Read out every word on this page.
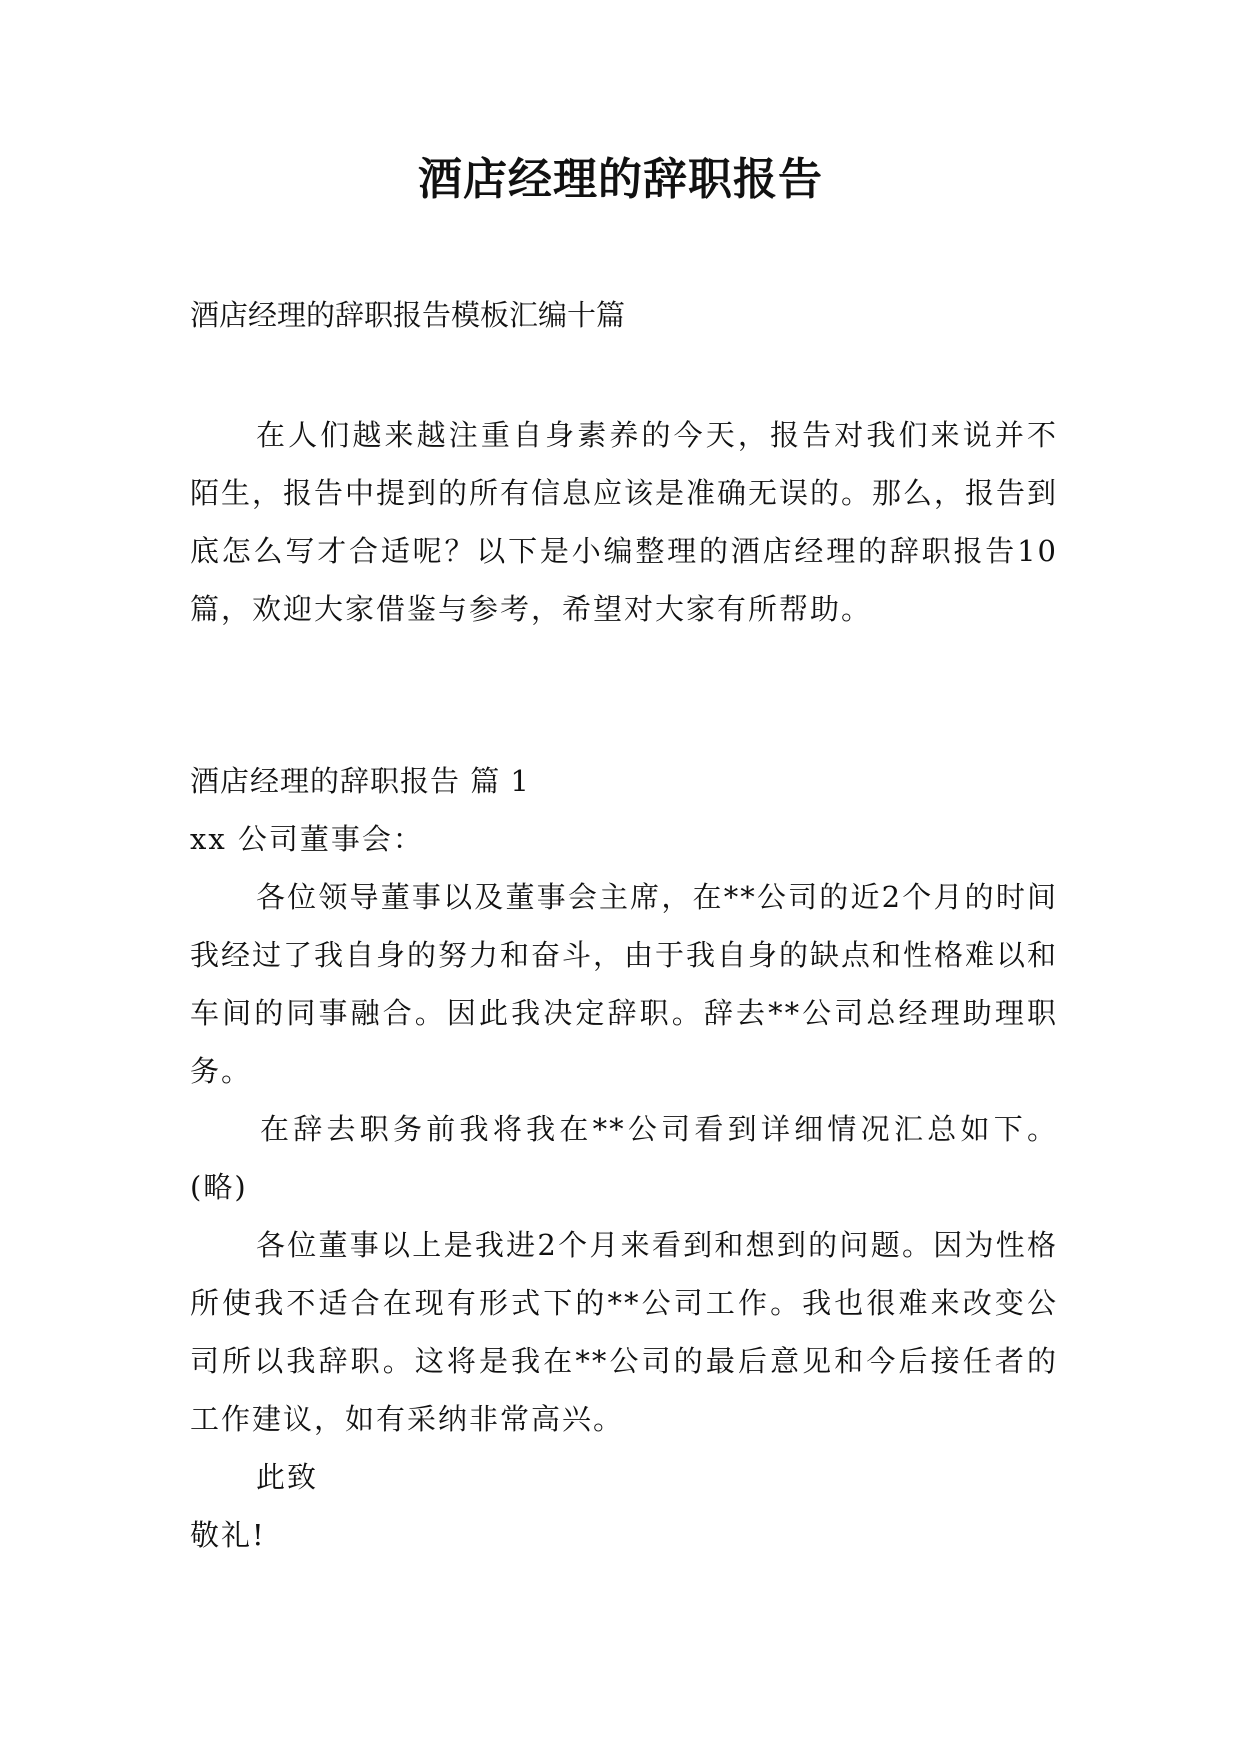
酒店经理的辞职报告
酒店经理的辞职报告模板汇编十篇

在人们越来越注重自身素养的今天，报告对我们来说并不陌生，报告中提到的所有信息应该是准确无误的。那么，报告到底怎么写才合适呢？以下是小编整理的酒店经理的辞职报告10篇，欢迎大家借鉴与参考，希望对大家有所帮助。

酒店经理的辞职报告 篇 1

xx 公司董事会：

各位领导董事以及董事会主席，在**公司的近2个月的时间我经过了我自身的努力和奋斗，由于我自身的缺点和性格难以和车间的同事融合。因此我决定辞职。辞去**公司总经理助理职务。

在辞去职务前我将我在**公司看到详细情况汇总如下。(略)

各位董事以上是我进2个月来看到和想到的问题。因为性格所使我不适合在现有形式下的**公司工作。我也很难来改变公司所以我辞职。这将是我在**公司的最后意见和今后接任者的工作建议，如有采纳非常高兴。

此致

敬礼!
